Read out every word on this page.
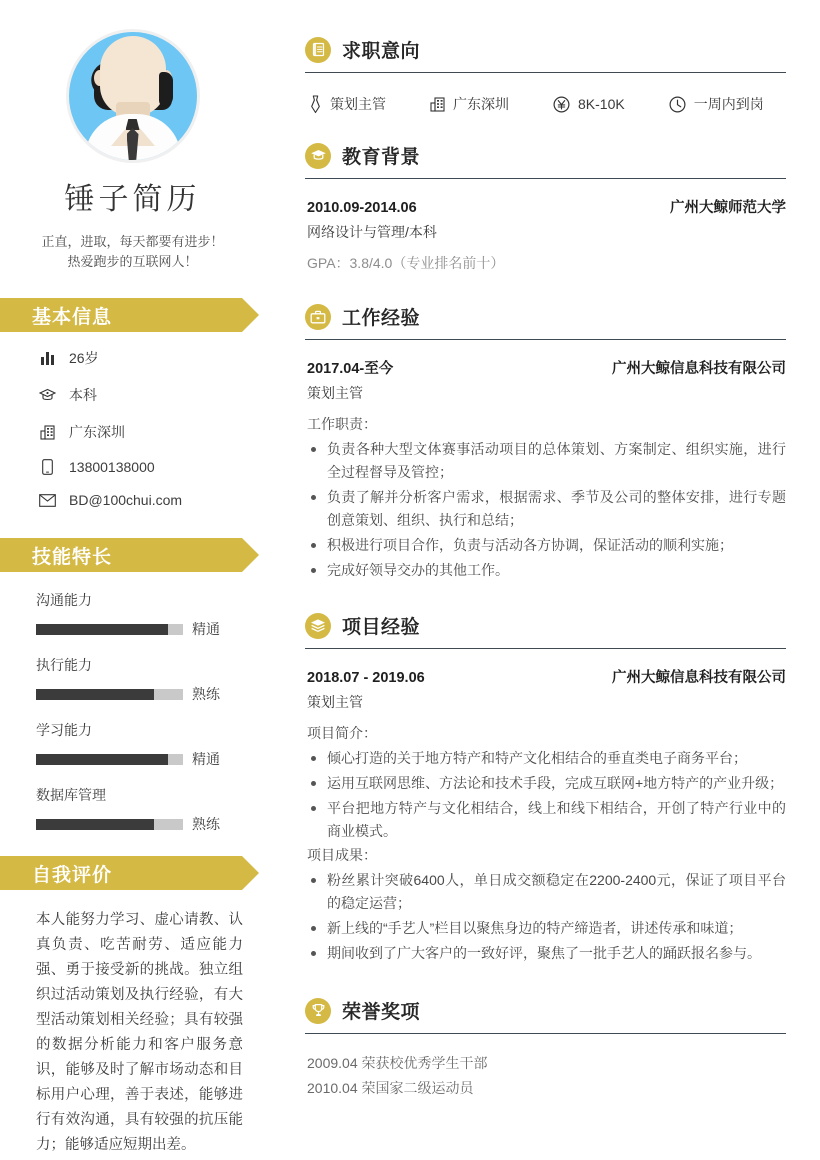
锤子简历
正直，进取，每天都要有进步！
热爱跑步的互联网人！
基本信息
26岁
本科
广东深圳
13800138000
BD@100chui.com
技能特长
沟通能力
精通
执行能力
熟练
学习能力
精通
数据库管理
熟练
自我评价
本人能努力学习、虚心请教、认真负责、吃苦耐劳、适应能力强、勇于接受新的挑战。独立组织过活动策划及执行经验，有大型活动策划相关经验；具有较强的数据分析能力和客户服务意识，能够及时了解市场动态和目标用户心理，善于表述，能够进行有效沟通，具有较强的抗压能力；能够适应短期出差。
求职意向
策划主管	广东深圳	8K-10K	一周内到岗
教育背景
2010.09-2014.06	广州大鲸师范大学
网络设计与管理/本科
GPA：3.8/4.0（专业排名前十）
工作经验
2017.04-至今	广州大鲸信息科技有限公司
策划主管
工作职责：
负责各种大型文体赛事活动项目的总体策划、方案制定、组织实施，进行全过程督导及管控；
负责了解并分析客户需求，根据需求、季节及公司的整体安排，进行专题创意策划、组织、执行和总结；
积极进行项目合作，负责与活动各方协调，保证活动的顺利实施；
完成好领导交办的其他工作。
项目经验
2018.07 - 2019.06	广州大鲸信息科技有限公司
策划主管
项目简介：
倾心打造的关于地方特产和特产文化相结合的垂直类电子商务平台；
运用互联网思维、方法论和技术手段，完成互联网+地方特产的产业升级；
平台把地方特产与文化相结合，线上和线下相结合，开创了特产行业中的商业模式。
项目成果：
粉丝累计突破6400人，单日成交额稳定在2200-2400元，保证了项目平台的稳定运营；
新上线的“手艺人”栏目以聚焦身边的特产缔造者，讲述传承和味道；
期间收到了广大客户的一致好评，聚焦了一批手艺人的踊跃报名参与。
荣誉奖项
2009.04 荣获校优秀学生干部
2010.04 荣国家二级运动员
